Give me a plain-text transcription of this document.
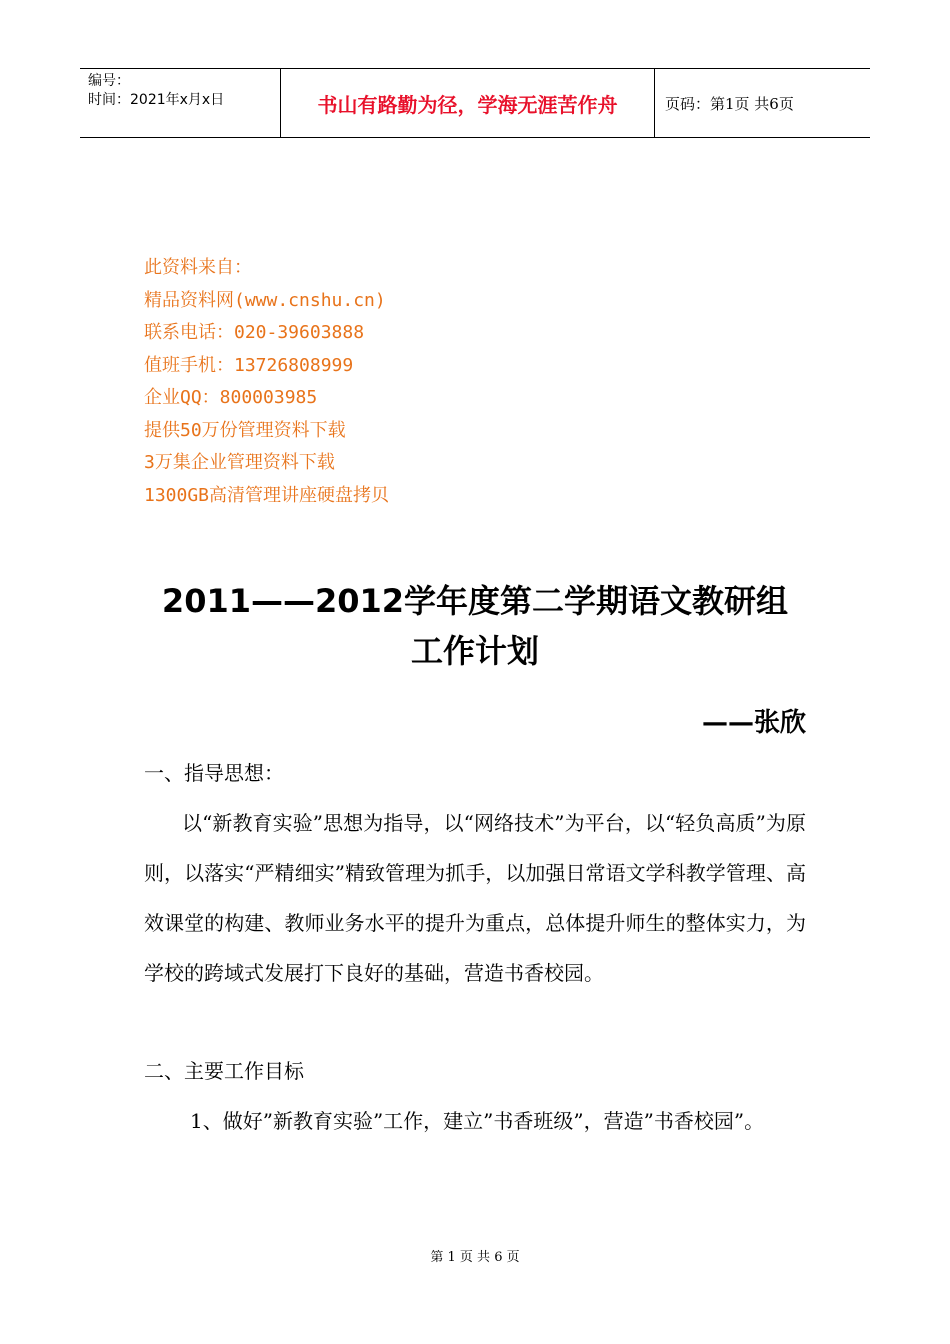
编号：
时间：2021年x月x日	书山有路勤为径，学海无涯苦作舟	页码：第1页 共6页
此资料来自：
精品资料网(www.cnshu.cn)
联系电话：020-39603888
值班手机：13726808999
企业QQ：800003985
提供50万份管理资料下载
3万集企业管理资料下载
1300GB高清管理讲座硬盘拷贝
2011——2012学年度第二学期语文教研组
工作计划
——张欣
一、指导思想：
以“新教育实验”思想为指导，以“网络技术”为平台，以“轻负高质”为原则，以落实“严精细实”精致管理为抓手，以加强日常语文学科教学管理、高效课堂的构建、教师业务水平的提升为重点，总体提升师生的整体实力，为学校的跨域式发展打下良好的基础，营造书香校园。
二、主要工作目标
1、做好”新教育实验”工作，建立”书香班级”，营造”书香校园”。
第 1 页 共 6 页
